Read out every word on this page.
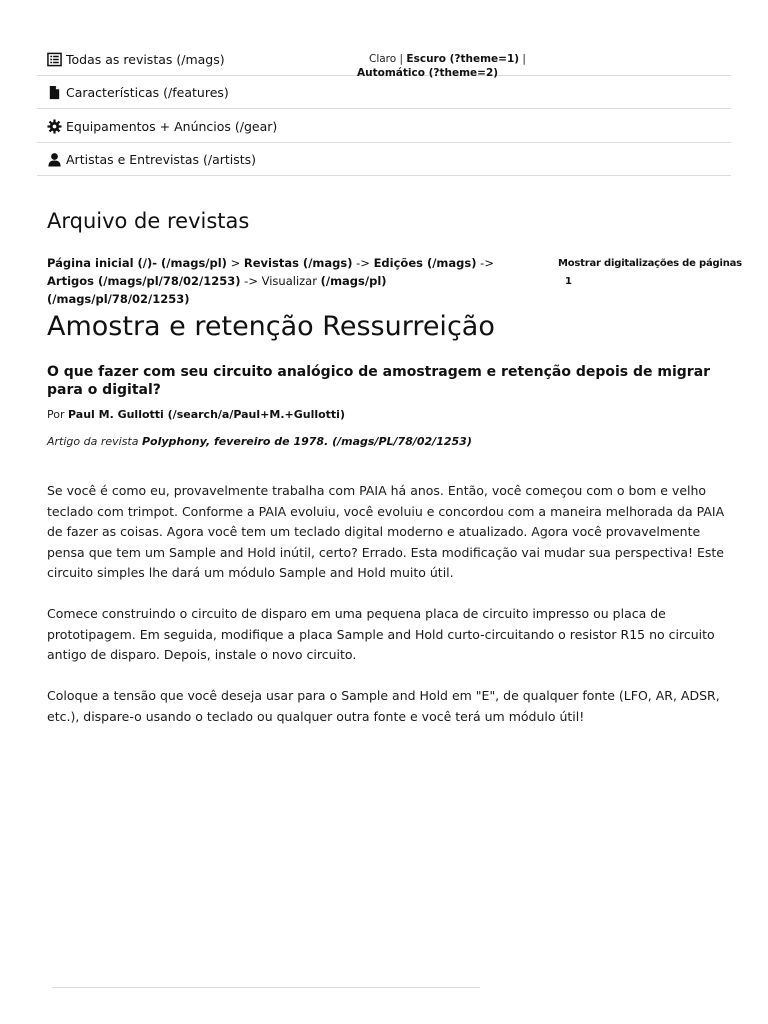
Todas as revistas (/mags)	Claro | Escuro (?theme=1) |
Automático (?theme=2)
Características (/features)
Equipamentos + Anúncios (/gear)
Artistas e Entrevistas (/artists)
Arquivo de revistas
Página inicial (/)- (/mags/pl) > Revistas (/mags) -> Edições (/mags) -> Artigos (/mags/pl/78/02/1253) -> Visualizar (/mags/pl) (/mags/pl/78/02/1253)
Mostrar digitalizações de páginas
1
Amostra e retenção Ressurreição
O que fazer com seu circuito analógico de amostragem e retenção depois de migrar para o digital?
Por Paul M. Gullotti (/search/a/Paul+M.+Gullotti)
Artigo da revista Polyphony, fevereiro de 1978. (/mags/PL/78/02/1253)

Se você é como eu, provavelmente trabalha com PAIA há anos. Então, você começou com o bom e velho teclado com trimpot. Conforme a PAIA evoluiu, você evoluiu e concordou com a maneira melhorada da PAIA de fazer as coisas. Agora você tem um teclado digital moderno e atualizado. Agora você provavelmente pensa que tem um Sample and Hold inútil, certo? Errado. Esta modificação vai mudar sua perspectiva! Este circuito simples lhe dará um módulo Sample and Hold muito útil.

Comece construindo o circuito de disparo em uma pequena placa de circuito impresso ou placa de prototipagem. Em seguida, modifique a placa Sample and Hold curto-circuitando o resistor R15 no circuito antigo de disparo. Depois, instale o novo circuito.

Coloque a tensão que você deseja usar para o Sample and Hold em "E", de qualquer fonte (LFO, AR, ADSR, etc.), dispare-o usando o teclado ou qualquer outra fonte e você terá um módulo útil!
